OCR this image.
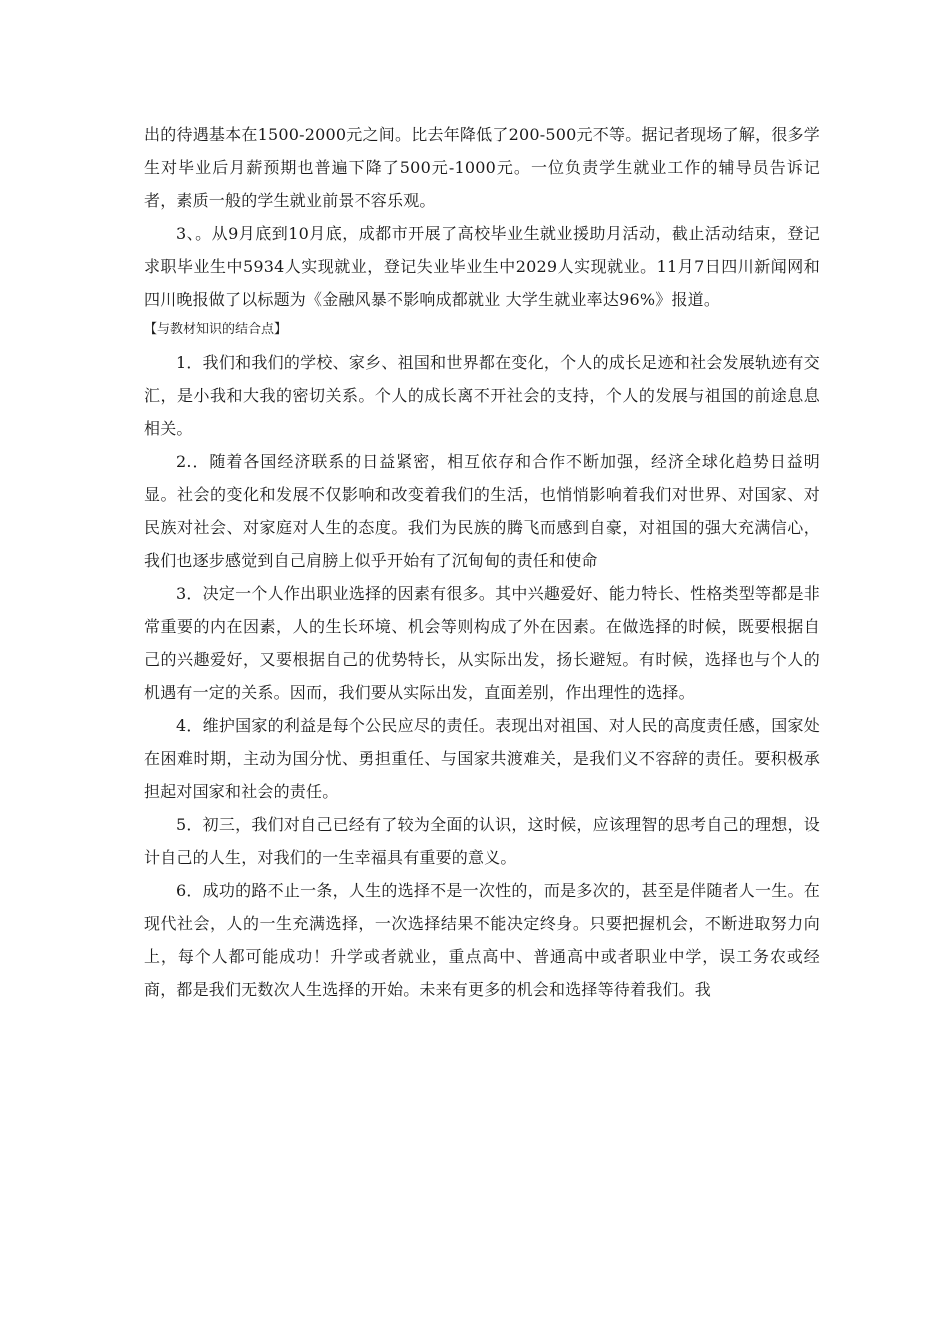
出的待遇基本在1500-2000元之间。比去年降低了200-500元不等。据记者现场了解，很多学生对毕业后月薪预期也普遍下降了500元-1000元。一位负责学生就业工作的辅导员告诉记者，素质一般的学生就业前景不容乐观。

3、。从9月底到10月底，成都市开展了高校毕业生就业援助月活动，截止活动结束，登记求职毕业生中5934人实现就业，登记失业毕业生中2029人实现就业。11月7日四川新闻网和四川晚报做了以标题为《金融风暴不影响成都就业 大学生就业率达96%》报道。

【与教材知识的结合点】

1．我们和我们的学校、家乡、祖国和世界都在变化，个人的成长足迹和社会发展轨迹有交汇，是小我和大我的密切关系。个人的成长离不开社会的支持，个人的发展与祖国的前途息息相关。

2.．随着各国经济联系的日益紧密，相互依存和合作不断加强，经济全球化趋势日益明显。社会的变化和发展不仅影响和改变着我们的生活，也悄悄影响着我们对世界、对国家、对民族对社会、对家庭对人生的态度。我们为民族的腾飞而感到自豪，对祖国的强大充满信心，我们也逐步感觉到自己肩膀上似乎开始有了沉甸甸的责任和使命

3．决定一个人作出职业选择的因素有很多。其中兴趣爱好、能力特长、性格类型等都是非常重要的内在因素，人的生长环境、机会等则构成了外在因素。在做选择的时候，既要根据自己的兴趣爱好，又要根据自己的优势特长，从实际出发，扬长避短。有时候，选择也与个人的机遇有一定的关系。因而，我们要从实际出发，直面差别，作出理性的选择。

4．维护国家的利益是每个公民应尽的责任。表现出对祖国、对人民的高度责任感，国家处在困难时期，主动为国分忧、勇担重任、与国家共渡难关，是我们义不容辞的责任。要积极承担起对国家和社会的责任。

5．初三，我们对自己已经有了较为全面的认识，这时候，应该理智的思考自己的理想，设计自己的人生，对我们的一生幸福具有重要的意义。

6．成功的路不止一条，人生的选择不是一次性的，而是多次的，甚至是伴随者人一生。在现代社会，人的一生充满选择，一次选择结果不能决定终身。只要把握机会，不断进取努力向上，每个人都可能成功！升学或者就业，重点高中、普通高中或者职业中学，误工务农或经商，都是我们无数次人生选择的开始。未来有更多的机会和选择等待着我们。我
